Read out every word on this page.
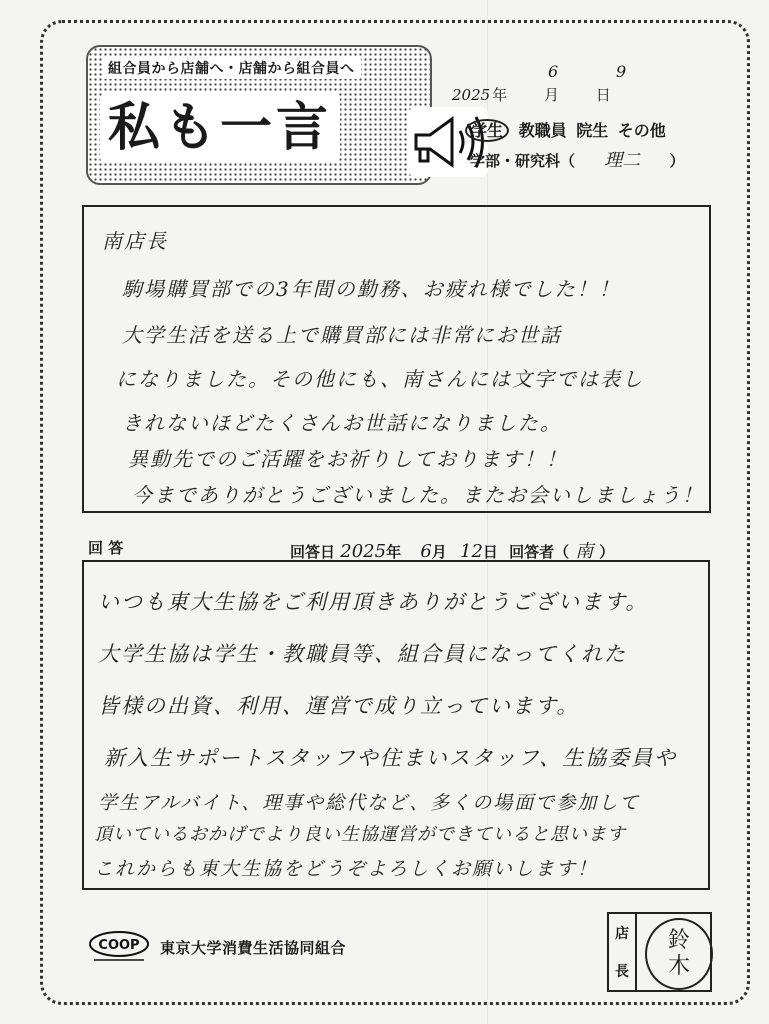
組合員から店舗へ・店舗から組合員へ
私も一言
2025 年 月 日
6	9
学生 教職員 院生 その他
学部・研究科（ 理二 ）
南店長
駒場購買部での3年間の勤務、お疲れ様でした！！
大学生活を送る上で購買部には非常にお世話
になりました。その他にも、南さんには文字では表し
きれないほどたくさんお世話になりました。
異動先でのご活躍をお祈りしております！！
今までありがとうございました。またお会いしましょう！
回 答	回答日 2025年 6月 12日 回答者（ 南 ）
いつも東大生協をご利用頂きありがとうございます。
大学生協は学生・教職員等、組合員になってくれた
皆様の出資、利用、運営で成り立っています。
新入生サポートスタッフや住まいスタッフ、生協委員や
学生アルバイト、理事や総代など、多くの場面で参加して
頂いているおかげでより良い生協運営ができていると思います
これからも東大生協をどうぞよろしくお願いします！
COOP 東京大学消費生活協同組合
店
長
鈴
木
